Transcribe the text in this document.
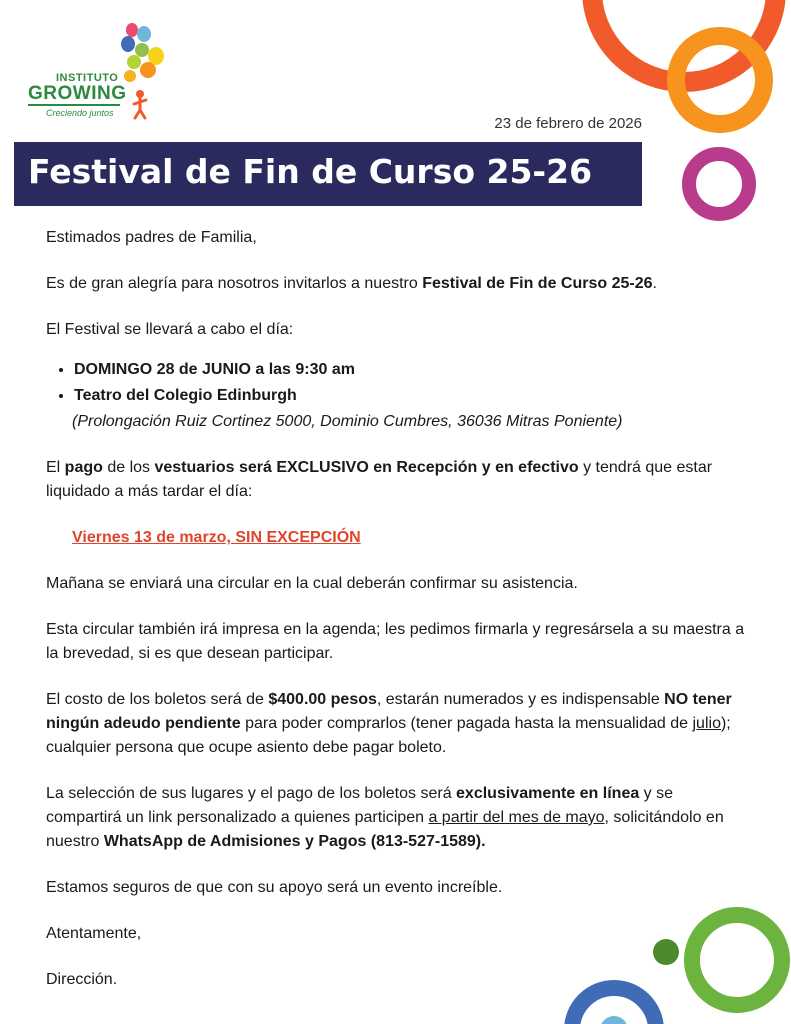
INSTITUTO
GROWING
Creciendo juntos
23 de febrero de 2026
Festival de Fin de Curso 25-26

Estimados padres de Familia,

Es de gran alegría para nosotros invitarlos a nuestro Festival de Fin de Curso 25-26.

El Festival se llevará a cabo el día:

• DOMINGO 28 de JUNIO a las 9:30 am
• Teatro del Colegio Edinburgh

(Prolongación Ruiz Cortinez 5000, Dominio Cumbres, 36036 Mitras Poniente)

El pago de los vestuarios será EXCLUSIVO en Recepción y en efectivo y tendrá que estar liquidado a más tardar el día:

Viernes 13 de marzo, SIN EXCEPCIÓN

Mañana se enviará una circular en la cual deberán confirmar su asistencia.

Esta circular también irá impresa en la agenda; les pedimos firmarla y regresársela a su maestra a la brevedad, si es que desean participar.

El costo de los boletos será de $400.00 pesos, estarán numerados y es indispensable NO tener ningún adeudo pendiente para poder comprarlos (tener pagada hasta la mensualidad de julio); cualquier persona que ocupe asiento debe pagar boleto.

La selección de sus lugares y el pago de los boletos será exclusivamente en línea y se compartirá un link personalizado a quienes participen a partir del mes de mayo, solicitándolo en nuestro WhatsApp de Admisiones y Pagos (813-527-1589).

Estamos seguros de que con su apoyo será un evento increíble.

Atentamente,

Dirección.
